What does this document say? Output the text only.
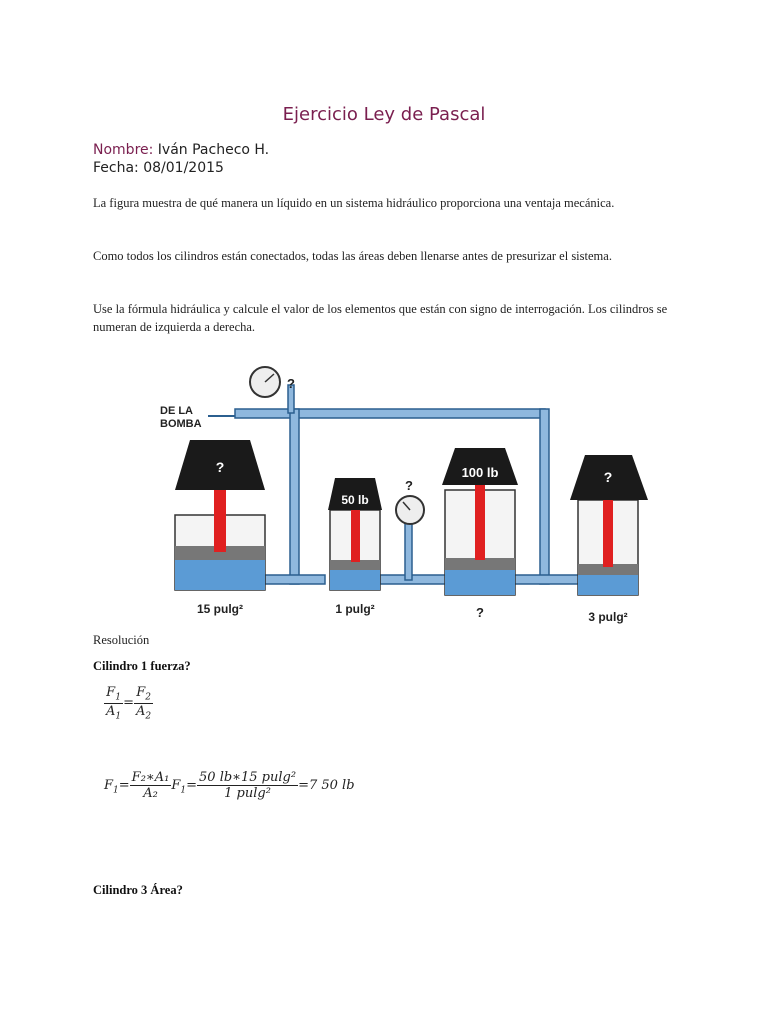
Ejercicio Ley de Pascal
Nombre: Iván Pacheco H.
Fecha: 08/01/2015
La figura muestra de qué manera un líquido en un sistema hidráulico proporciona una ventaja mecánica.
Como todos los cilindros están conectados, todas las áreas deben llenarse antes de presurizar el sistema.
Use la fórmula hidráulica y calcule el valor de los elementos que están con signo de interrogación. Los cilindros se numeran de izquierda a derecha.
DE LA
BOMBA
?
?
?
15 pulg²
50 lb
1 pulg²
100 lb
?
?
3 pulg²
Resolución
Cilindro 1 fuerza?
$\frac{F_1}{A_1} = \frac{F_2}{A_2}$
$F_1= \frac{\text{F₂∗A₁}}{\text{A₂}} F_1= \frac{\text{50 lb∗15 pulg²}}{\text{1 pulg²}} =7$ 50 lb
Cilindro 3 Área?
